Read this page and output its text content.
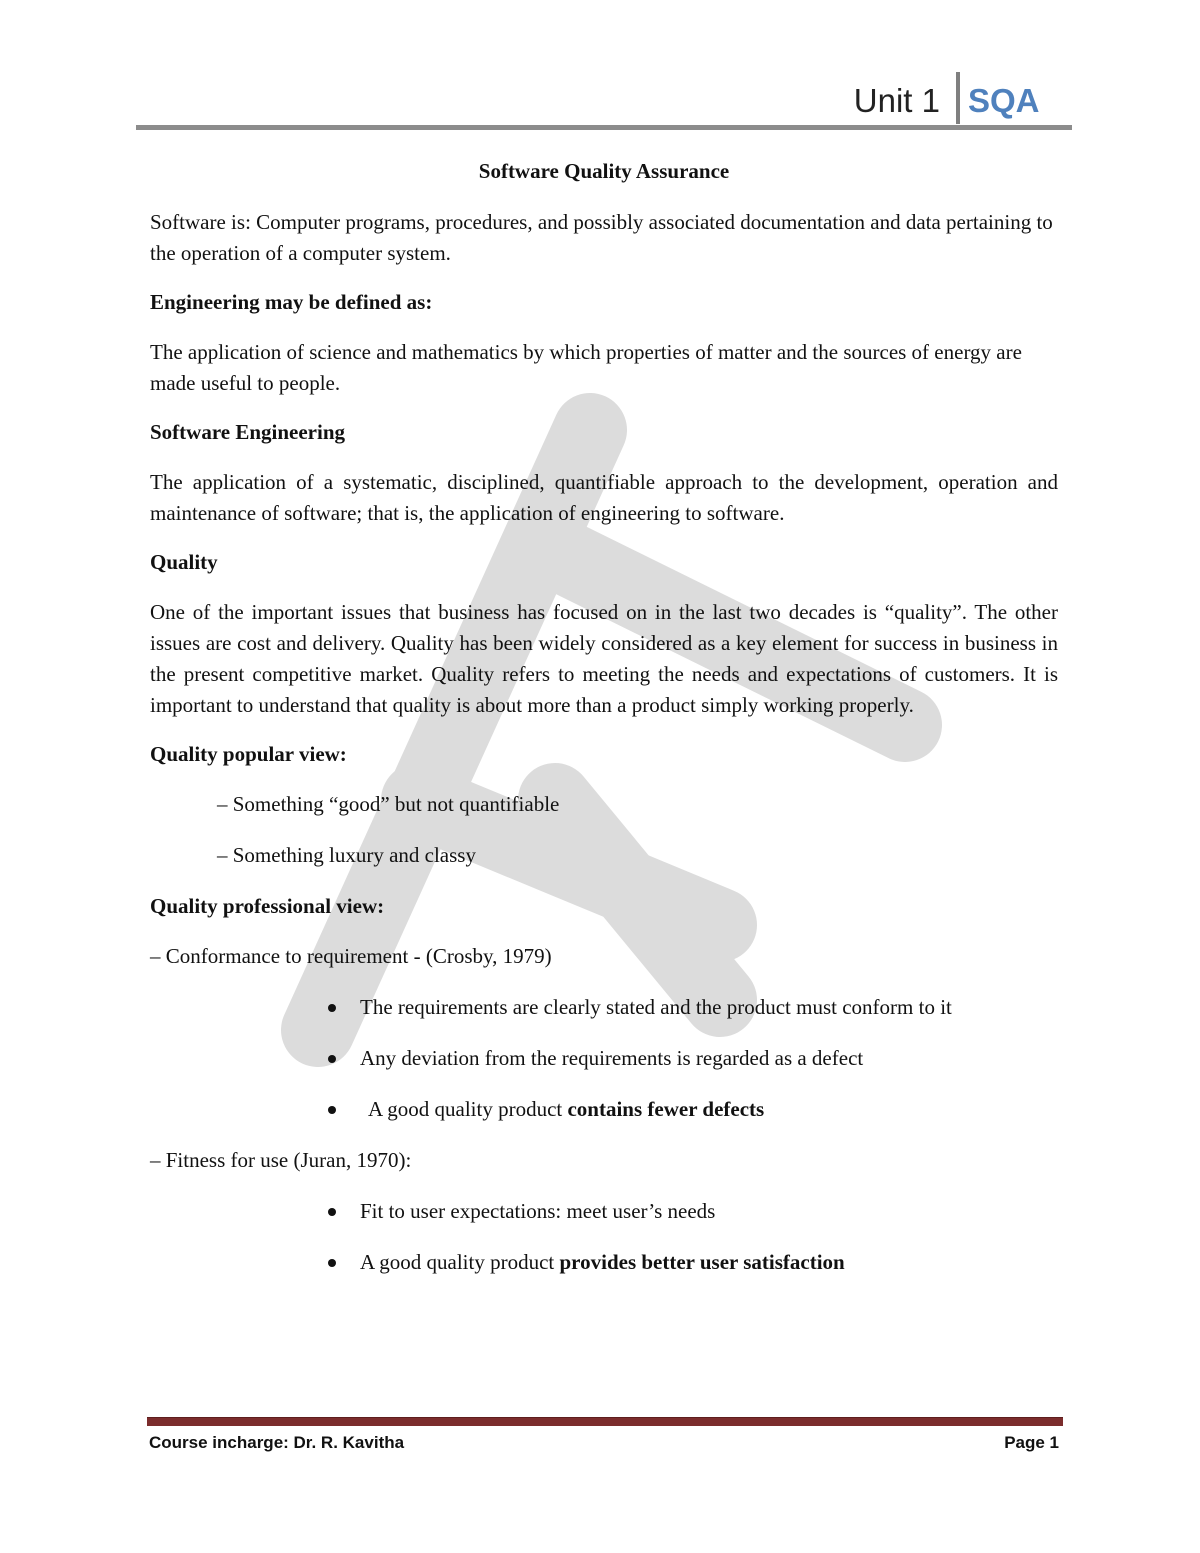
Unit 1 SQA

Software Quality Assurance

Software is: Computer programs, procedures, and possibly associated documentation and data pertaining to the operation of a computer system.

Engineering may be defined as:

The application of science and mathematics by which properties of matter and the sources of energy are made useful to people.

Software Engineering

The application of a systematic, disciplined, quantifiable approach to the development, operation and maintenance of software; that is, the application of engineering to software.

Quality

One of the important issues that business has focused on in the last two decades is “quality”. The other issues are cost and delivery. Quality has been widely considered as a key element for success in business in the present competitive market. Quality refers to meeting the needs and expectations of customers. It is important to understand that quality is about more than a product simply working properly.

Quality popular view:

– Something “good” but not quantifiable

– Something luxury and classy

Quality professional view:

– Conformance to requirement - (Crosby, 1979)

The requirements are clearly stated and the product must conform to it
Any deviation from the requirements is regarded as a defect
A good quality product contains fewer defects

– Fitness for use (Juran, 1970):

Fit to user expectations: meet user’s needs
A good quality product provides better user satisfaction
Course incharge: Dr. R. Kavitha	Page 1
